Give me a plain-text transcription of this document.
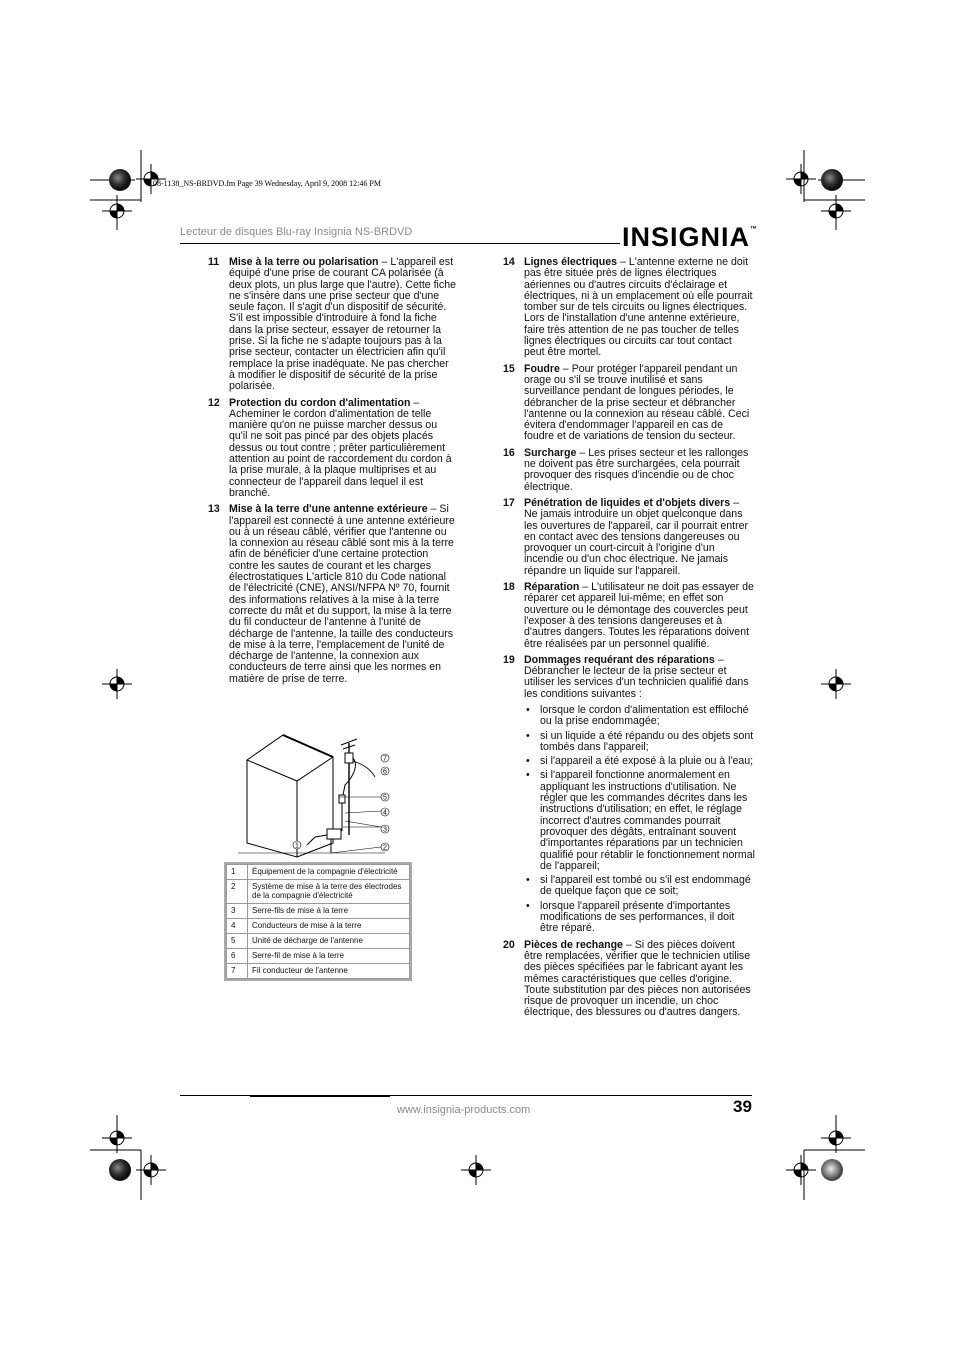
08-1138_NS-BRDVD.fm Page 39 Wednesday, April 9, 2008 12:46 PM
Lecteur de disques Blu-ray Insignia NS-BRDVD	INSIGNIA™
11 Mise à la terre ou polarisation – L'appareil est équipé d'une prise de courant CA polarisée (à deux plots, un plus large que l'autre). Cette fiche ne s'insère dans une prise secteur que d'une seule façon. Il s'agit d'un dispositif de sécurité. S'il est impossible d'introduire à fond la fiche dans la prise secteur, essayer de retourner la prise. Si la fiche ne s'adapte toujours pas à la prise secteur, contacter un électricien afin qu'il remplace la prise inadéquate. Ne pas chercher à modifier le dispositif de sécurité de la prise polarisée.
12 Protection du cordon d'alimentation – Acheminer le cordon d'alimentation de telle manière qu'on ne puisse marcher dessus ou qu'il ne soit pas pincé par des objets placés dessus ou tout contre ; prêter particulièrement attention au point de raccordement du cordon à la prise murale, à la plaque multiprises et au connecteur de l'appareil dans lequel il est branché.
13 Mise à la terre d'une antenne extérieure – Si l'appareil est connecté à une antenne extérieure ou à un réseau câblé, vérifier que l'antenne ou la connexion au réseau câblé sont mis à la terre afin de bénéficier d'une certaine protection contre les sautes de courant et les charges électrostatiques L'article 810 du Code national de l'électricité (CNE), ANSI/NFPA Nº 70, fournit des informations relatives à la mise à la terre correcte du mât et du support, la mise à la terre du fil conducteur de l'antenne à l'unité de décharge de l'antenne, la taille des conducteurs de mise à la terre, l'emplacement de l'unité de décharge de l'antenne, la connexion aux conducteurs de terre ainsi que les normes en matière de prise de terre.
7
6
5
4
3
2
1
1	Équipement de la compagnie d'électricité
2	Système de mise à la terre des électrodes de la compagnie d'électricité
3	Serre-fils de mise à la terre
4	Conducteurs de mise à la terre
5	Unité de décharge de l'antenne
6	Serre-fil de mise à la terre
7	Fil conducteur de l'antenne
14 Lignes électriques – L'antenne externe ne doit pas être située près de lignes électriques aériennes ou d'autres circuits d'éclairage et électriques, ni à un emplacement où elle pourrait tomber sur de tels circuits ou lignes électriques. Lors de l'installation d'une antenne extérieure, faire très attention de ne pas toucher de telles lignes électriques ou circuits car tout contact peut être mortel.
15 Foudre – Pour protéger l'appareil pendant un orage ou s'il se trouve inutilisé et sans surveillance pendant de longues périodes, le débrancher de la prise secteur et débrancher l'antenne ou la connexion au réseau câblé. Ceci évitera d'endommager l'appareil en cas de foudre et de variations de tension du secteur.
16 Surcharge – Les prises secteur et les rallonges ne doivent pas être surchargées, cela pourrait provoquer des risques d'incendie ou de choc électrique.
17 Pénétration de liquides et d'objets divers – Ne jamais introduire un objet quelconque dans les ouvertures de l'appareil, car il pourrait entrer en contact avec des tensions dangereuses ou provoquer un court-circuit à l'origine d'un incendie ou d'un choc électrique. Ne jamais répandre un liquide sur l'appareil.
18 Réparation – L'utilisateur ne doit pas essayer de réparer cet appareil lui-même; en effet son ouverture ou le démontage des couvercles peut l'exposer à des tensions dangereuses et à d'autres dangers. Toutes les réparations doivent être réalisées par un personnel qualifié.
19 Dommages requérant des réparations – Débrancher le lecteur de la prise secteur et utiliser les services d'un technicien qualifié dans les conditions suivantes :
• lorsque le cordon d'alimentation est effiloché ou la prise endommagée;
• si un liquide a été répandu ou des objets sont tombés dans l'appareil;
• si l'appareil a été exposé à la pluie ou à l'eau;
• si l'appareil fonctionne anormalement en appliquant les instructions d'utilisation. Ne régler que les commandes décrites dans les instructions d'utilisation; en effet, le réglage incorrect d'autres commandes pourrait provoquer des dégâts, entraînant souvent d'importantes réparations par un technicien qualifié pour rétablir le fonctionnement normal de l'appareil;
• si l'appareil est tombé ou s'il est endommagé de quelque façon que ce soit;
• lorsque l'appareil présente d'importantes modifications de ses performances, il doit être réparé.
20 Pièces de rechange – Si des pièces doivent être remplacées, vérifier que le technicien utilise des pièces spécifiées par le fabricant ayant les mêmes caractéristiques que celles d'origine. Toute substitution par des pièces non autorisées risque de provoquer un incendie, un choc électrique, des blessures ou d'autres dangers.
www.insignia-products.com	39
